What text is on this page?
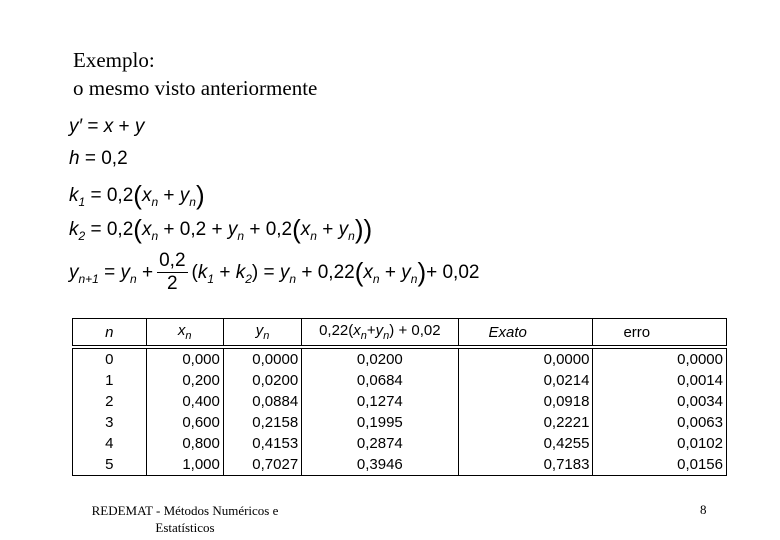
Exemplo:
o mesmo visto anteriormente
y′ = x + y
h = 0,2
$k_1 = 0,2(x_n + y_n)$
$k_2 = 0,2(x_n + 0,2 + y_n + 0,2(x_n + y_n))$
$y_{n+1} = y_n + \frac{0,2}{2} (k_1 + k_2) = y_n + 0,22(x_n + y_n)+ 0,02$
n	$x_n$	$y_n$	$0,22(x_n+y_n) + 0,02$	Exato	erro

0	0,000	0,0000	0,0200	0,0000	0,0000
1	0,200	0,0200	0,0684	0,0214	0,0014
2	0,400	0,0884	0,1274	0,0918	0,0034
3	0,600	0,2158	0,1995	0,2221	0,0063
4	0,800	0,4153	0,2874	0,4255	0,0102
5	1,000	0,7027	0,3946	0,7183	0,0156
REDEMAT - Métodos Numéricos e
Estatísticos
8
